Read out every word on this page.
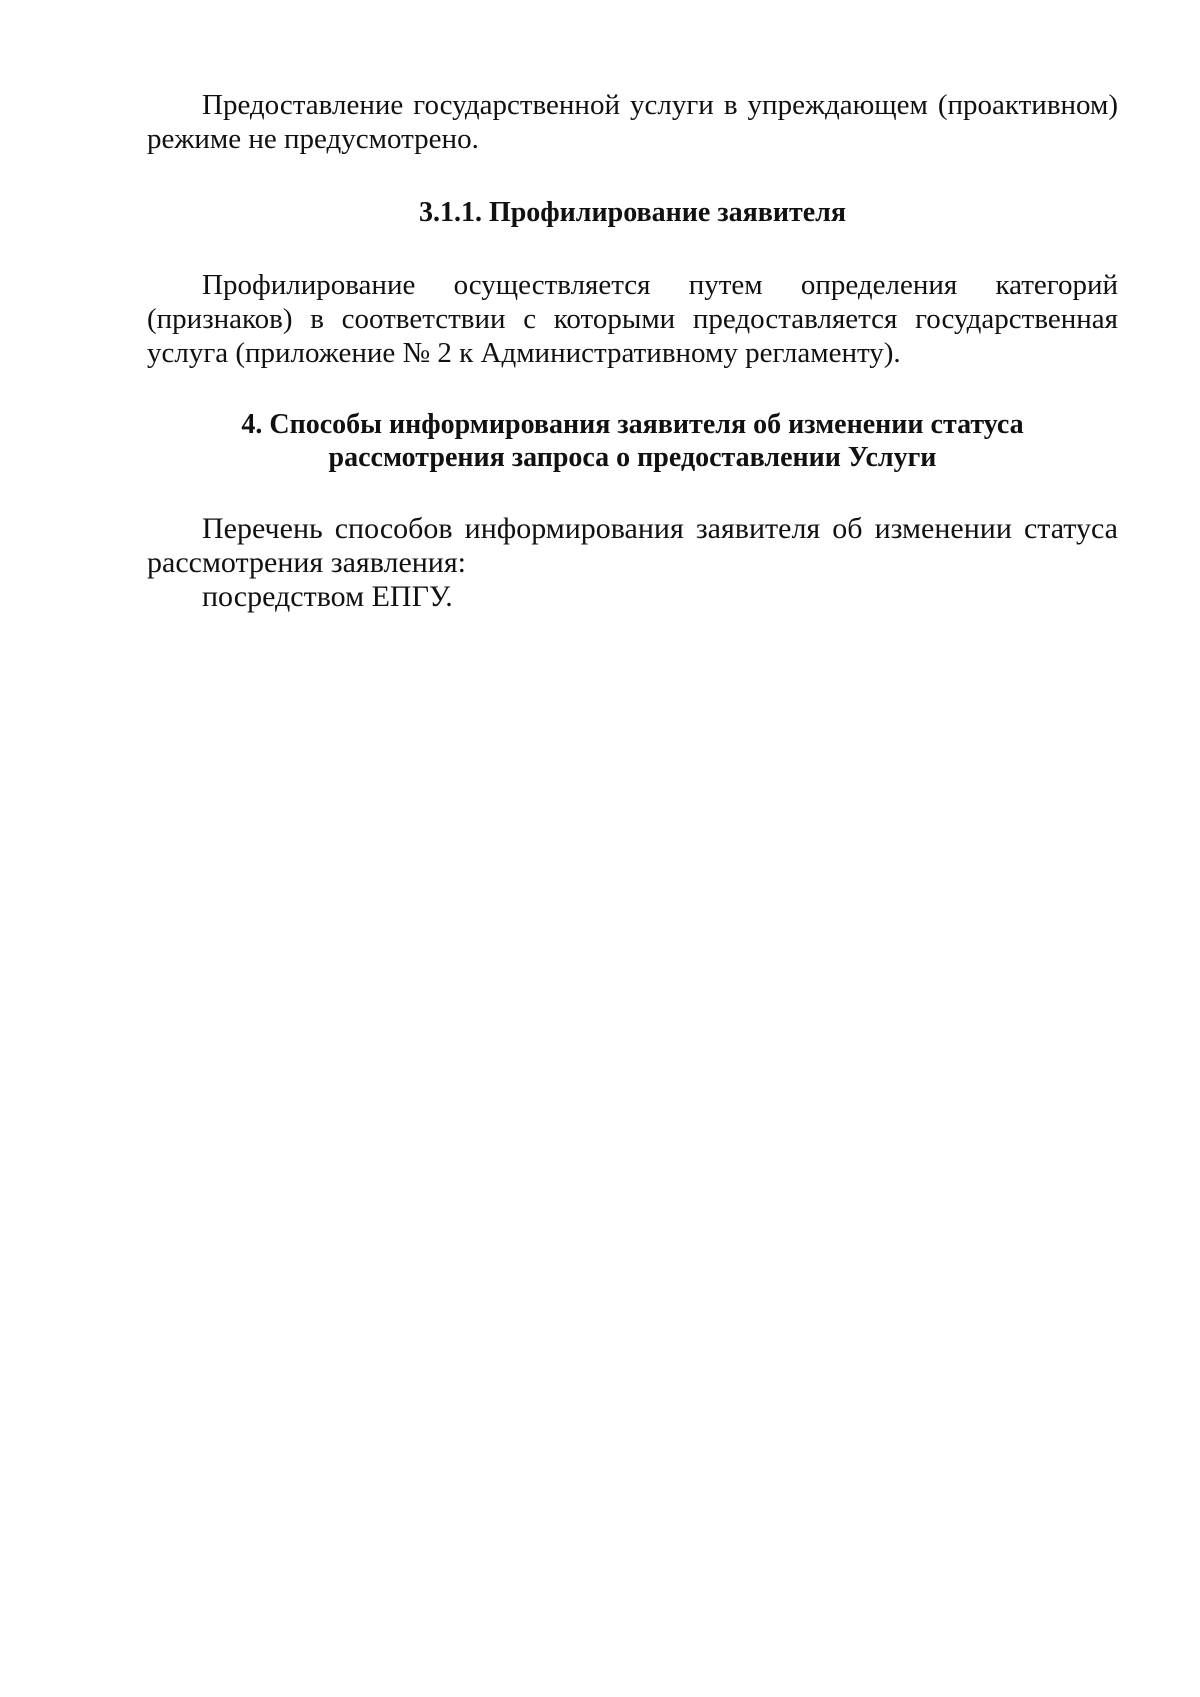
Предоставление государственной услуги в упреждающем (проактивном) режиме не предусмотрено.

3.1.1. Профилирование заявителя

Профилирование осуществляется путем определения категорий (признаков) в соответствии с которыми предоставляется государственная услуга (приложение № 2 к Административному регламенту).

4. Способы информирования заявителя об изменении статуса
рассмотрения запроса о предоставлении Услуги

Перечень способов информирования заявителя об изменении статуса рассмотрения заявления:

посредством ЕПГУ.
